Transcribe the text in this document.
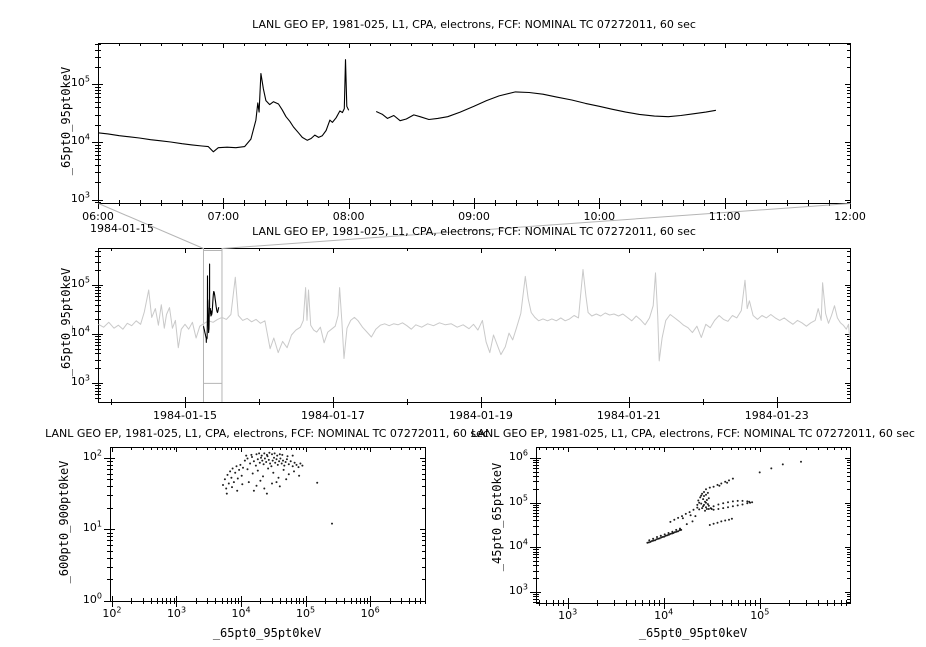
LANL GEO EP, 1981-025, L1, CPA, electrons, FCF: NOMINAL TC 07272011, 60 sec
LANL GEO EP, 1981-025, L1, CPA, electrons, FCF: NOMINAL TC 07272011, 60 sec
LANL GEO EP, 1981-025, L1, CPA, electrons, FCF: NOMINAL TC 07272011, 60 sec
LANL GEO EP, 1981-025, L1, CPA, electrons, FCF: NOMINAL TC 07272011, 60 sec
_65pt0_95pt0keV
_65pt0_95pt0keV
_600pt0_900pt0keV	_45pt0_65pt0keV
_65pt0_95pt0keV	_65pt0_95pt0keV
1984-01-15
06:00	07:00	08:00	09:00	10:00	11:00	12:00
$10^3$
$10^4$
$10^5$
1984-01-15	1984-01-17	1984-01-19	1984-01-21	1984-01-23
$10^3$
$10^4$
$10^5$
$10^2$	$10^3$	$10^4$	$10^5$	$10^6$
$10^0$
$10^1$
$10^2$
$10^3$	$10^4$	$10^5$
$10^3$
$10^4$
$10^5$
$10^6$
